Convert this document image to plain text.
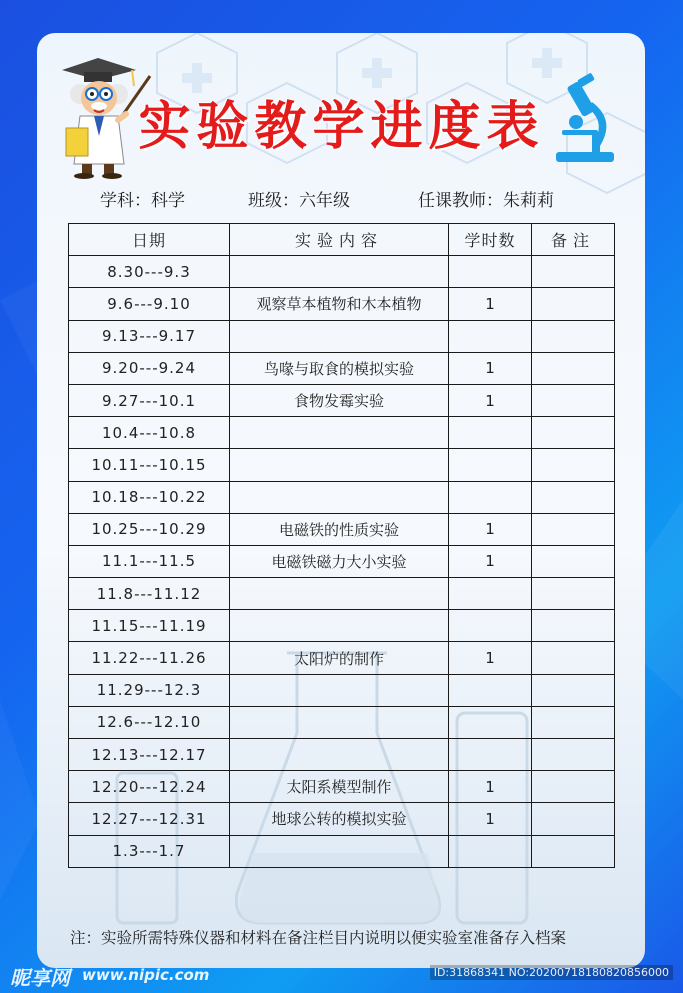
实验教学进度表
学科：科学	班级：六年级	任课教师：朱莉莉
日期	实验内容	学时数	备注
8.30---9.3			
9.6---9.10	观察草本植物和木本植物	1	
9.13---9.17			
9.20---9.24	鸟喙与取食的模拟实验	1	
9.27---10.1	食物发霉实验	1	
10.4---10.8			
10.11---10.15			
10.18---10.22			
10.25---10.29	电磁铁的性质实验	1	
11.1---11.5	电磁铁磁力大小实验	1	
11.8---11.12			
11.15---11.19			
11.22---11.26	太阳炉的制作	1	
11.29---12.3			
12.6---12.10			
12.13---12.17			
12.20---12.24	太阳系模型制作	1	
12.27---12.31	地球公转的模拟实验	1	
1.3---1.7			
注：实验所需特殊仪器和材料在备注栏目内说明以便实验室准备存入档案
昵享网 www.nipic.com	ID:31868341 NO:20200718180820856000
